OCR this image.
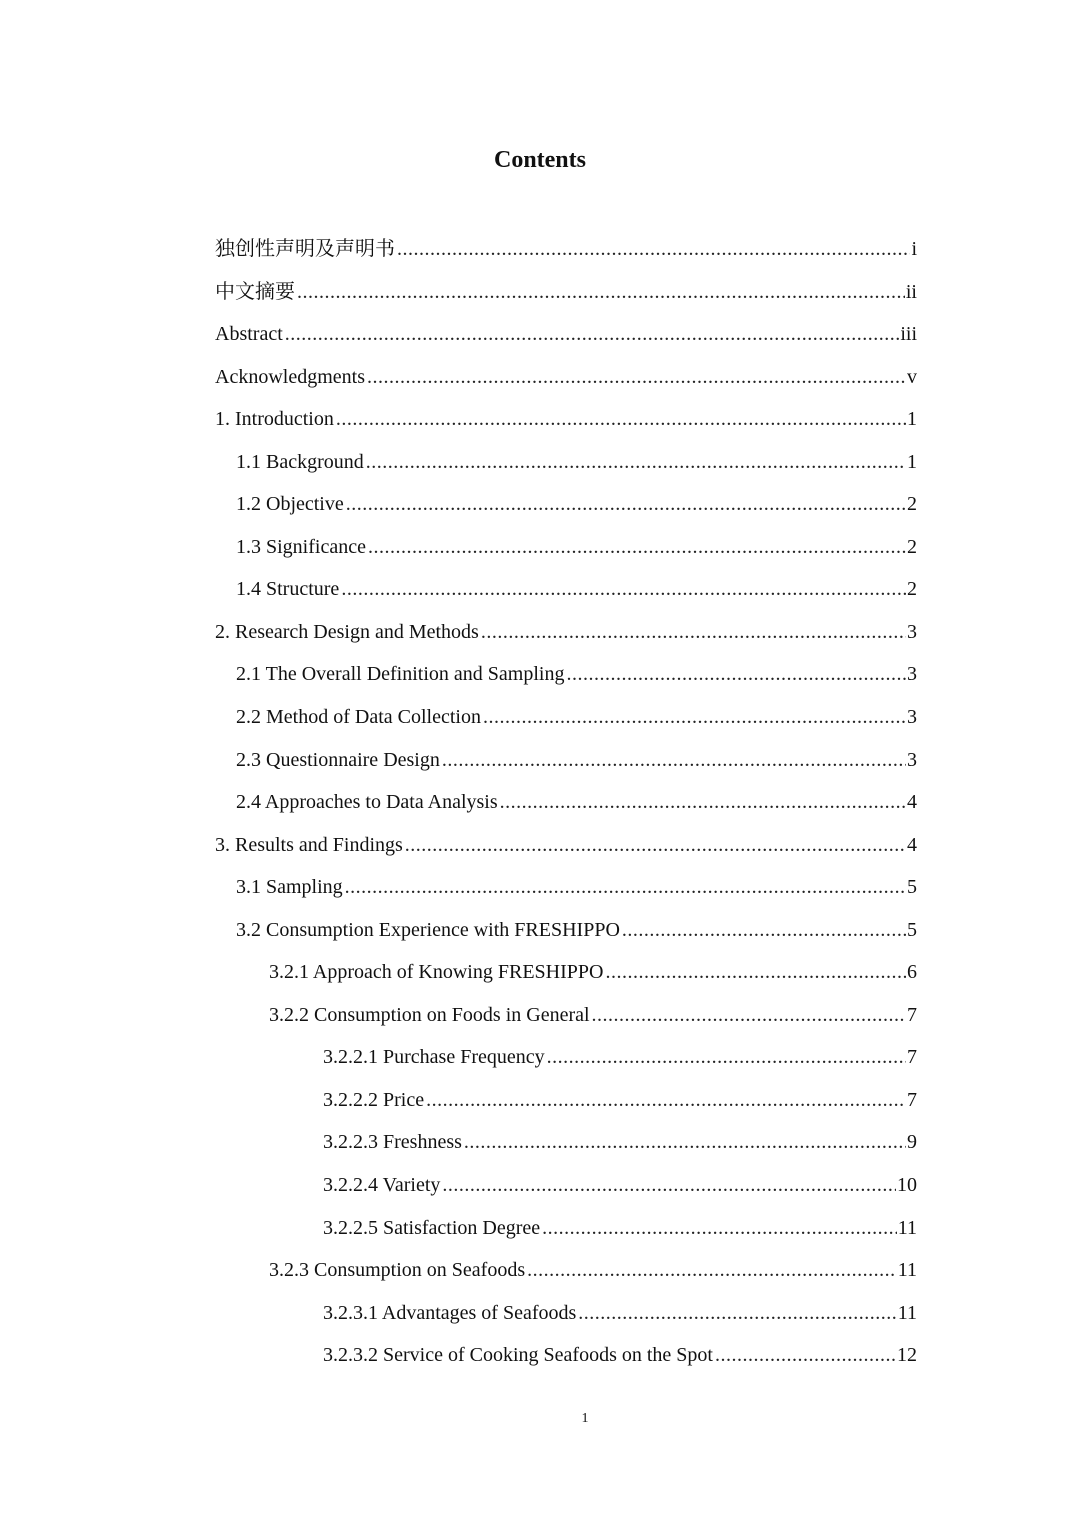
Contents
独创性声明及声明书 .....	i
中文摘要 .....	ii
Abstract .....	iii
Acknowledgments .....	v
1. Introduction .....	1
1.1 Background .....	1
1.2 Objective .....	2
1.3 Significance .....	2
1.4 Structure .....	2
2. Research Design and Methods .....	3
2.1 The Overall Definition and Sampling .....	3
2.2 Method of Data Collection .....	3
2.3 Questionnaire Design .....	3
2.4 Approaches to Data Analysis .....	4
3. Results and Findings .....	4
3.1 Sampling .....	5
3.2 Consumption Experience with FRESHIPPO .....	5
3.2.1 Approach of Knowing FRESHIPPO .....	6
3.2.2 Consumption on Foods in General .....	7
3.2.2.1 Purchase Frequency .....	7
3.2.2.2 Price .....	7
3.2.2.3 Freshness .....	9
3.2.2.4 Variety .....	10
3.2.2.5 Satisfaction Degree .....	11
3.2.3 Consumption on Seafoods .....	11
3.2.3.1 Advantages of Seafoods .....	11
3.2.3.2 Service of Cooking Seafoods on the Spot .....	12
1
